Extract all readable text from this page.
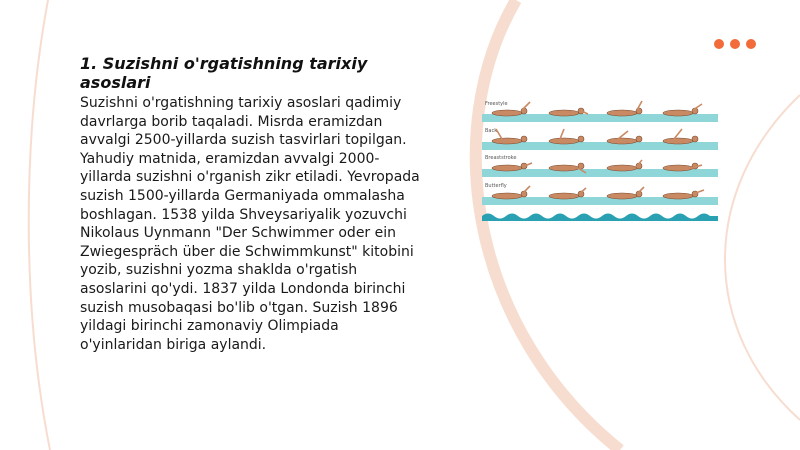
1. Suzishni o'rgatishning tarixiy asoslari

Suzishni o'rgatishning tarixiy asoslari qadimiy davrlarga borib taqaladi. Misrda eramizdan avvalgi 2500-yillarda suzish tasvirlari topilgan. Yahudiy matnida, eramizdan avvalgi 2000-yillarda suzishni o'rganish zikr etiladi. Yevropada suzish 1500-yillarda Germaniyada ommalasha boshlagan. 1538 yilda Shveysariyalik yozuvchi Nikolaus Uynmann "Der Schwimmer oder ein Zwiegespräch über die Schwimmkunst" kitobini yozib, suzishni yozma shaklda o'rgatish asoslarini qo'ydi. 1837 yilda Londonda birinchi suzish musobaqasi bo'lib o'tgan. Suzish 1896 yildagi birinchi zamonaviy Olimpiada o'yinlaridan biriga aylandi.

Freestyle
Back
Breaststroke
Butterfly
